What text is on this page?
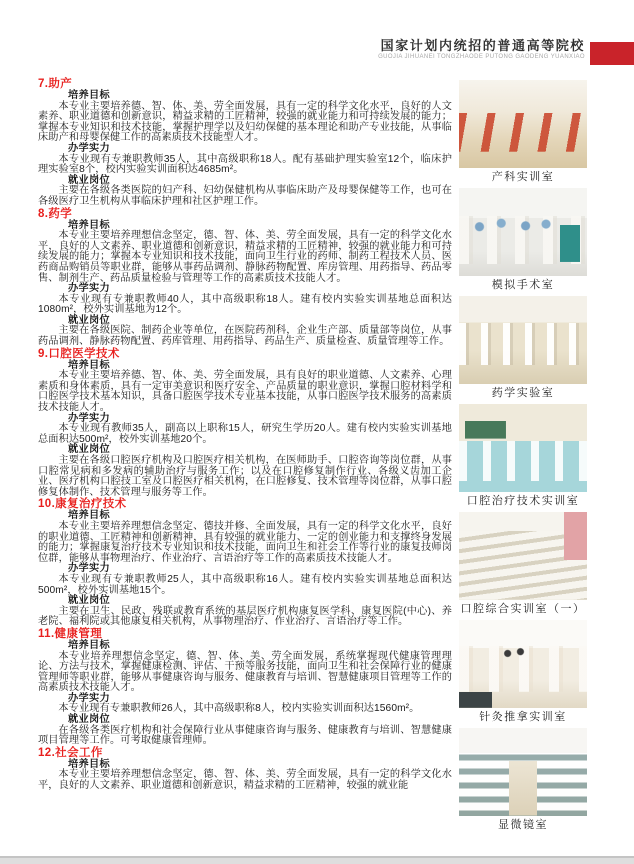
国家计划内统招的普通高等院校
GUOJIA JIHUANEI TONGZHAODE PUTONG GAODENG YUANXIAO
7.助产
培养目标

本专业主要培养德、智、体、美、劳全面发展，具有一定的科学文化水平，良好的人文素养、职业道德和创新意识，精益求精的工匠精神，较强的就业能力和可持续发展的能力；掌握本专业知识和技术技能，掌握护理学以及妇幼保健的基本理论和助产专业技能，从事临床助产和母婴保健工作的高素质技术技能型人才。

办学实力

本专业现有专兼职教师35人，其中高级职称18人。配有基础护理实验室12个，临床护理实验室8个，校内实验实训面积达4685m²。

就业岗位

主要在各级各类医院的妇产科、妇幼保健机构从事临床助产及母婴保健等工作，也可在各级医疗卫生机构从事临床护理和社区护理工作。

8.药学
培养目标

本专业主要培养理想信念坚定，德、智、体、美、劳全面发展，具有一定的科学文化水平，良好的人文素养、职业道德和创新意识，精益求精的工匠精神，较强的就业能力和可持续发展的能力；掌握本专业知识和技术技能，面向卫生行业的药师、制药工程技术人员、医药商品购销员等职业群，能够从事药品调剂、静脉药物配置、库房管理、用药指导、药品零售、制剂生产、药品质量检验与管理等工作的高素质技术技能人才。

办学实力

本专业现有专兼职教师40人，其中高级职称18人。建有校内实验实训基地总面积达1080m²，校外实训基地为12个。

就业岗位

主要在各级医院、制药企业等单位，在医院药剂科，企业生产部、质量部等岗位，从事药品调剂、静脉药物配置、药库管理、用药指导、药品生产、质量检查、质量管理等工作。

9.口腔医学技术
培养目标

本专业主要培养德、智、体、美、劳全面发展，具有良好的职业道德、人文素养、心理素质和身体素质，具有一定审美意识和医疗安全、产品质量的职业意识，掌握口腔材料学和口腔医学技术基本知识，具备口腔医学技术专业基本技能，从事口腔医学技术服务的高素质技术技能人才。

办学实力

本专业现有教师35人，副高以上职称15人，研究生学历20人。建有校内实验实训基地总面积达500m²，校外实训基地20个。

就业岗位

主要在各级口腔医疗机构及口腔医疗相关机构，在医师助手、口腔咨询等岗位群，从事口腔常见病和多发病的辅助治疗与服务工作；以及在口腔修复制作行业、各级义齿加工企业、医疗机构口腔技工室及口腔医疗相关机构，在口腔修复、技术管理等岗位群，从事口腔修复体制作、技术管理与服务等工作。

10.康复治疗技术
培养目标

本专业主要培养理想信念坚定、德技并修、全面发展，具有一定的科学文化水平，良好的职业道德、工匠精神和创新精神，具有较强的就业能力、一定的创业能力和支撑终身发展的能力；掌握康复治疗技术专业知识和技术技能，面向卫生和社会工作等行业的康复技师岗位群，能够从事物理治疗、作业治疗、言语治疗等工作的高素质技术技能人才。

办学实力

本专业现有专兼职教师25人，其中高级职称16人。建有校内实验实训基地总面积达500m²，校外实训基地15个。

就业岗位

主要在卫生、民政、残联或教育系统的基层医疗机构康复医学科、康复医院(中心)、养老院、福利院或其他康复相关机构，从事物理治疗、作业治疗、言语治疗等工作。

11.健康管理
培养目标

本专业培养理想信念坚定，德、智、体、美、劳全面发展，系统掌握现代健康管理理论、方法与技术，掌握健康检测、评估、干预等服务技能，面向卫生和社会保障行业的健康管理师等职业群，能够从事健康咨询与服务、健康教育与培训、智慧健康项目管理等工作的高素质技术技能人才。

办学实力

本专业现有专兼职教师26人，其中高级职称8人，校内实验实训面积达1560m²。

就业岗位

在各级各类医疗机构和社会保障行业从事健康咨询与服务、健康教育与培训、智慧健康项目管理等工作。可考取健康管理师。

12.社会工作
培养目标

本专业主要培养理想信念坚定，德、智、体、美、劳全面发展，具有一定的科学文化水平，良好的人文素养、职业道德和创新意识，精益求精的工匠精神，较强的就业能

产科实训室
模拟手术室
药学实验室
口腔治疗技术实训室
口腔综合实训室（一）
针灸推拿实训室
显微镜室
